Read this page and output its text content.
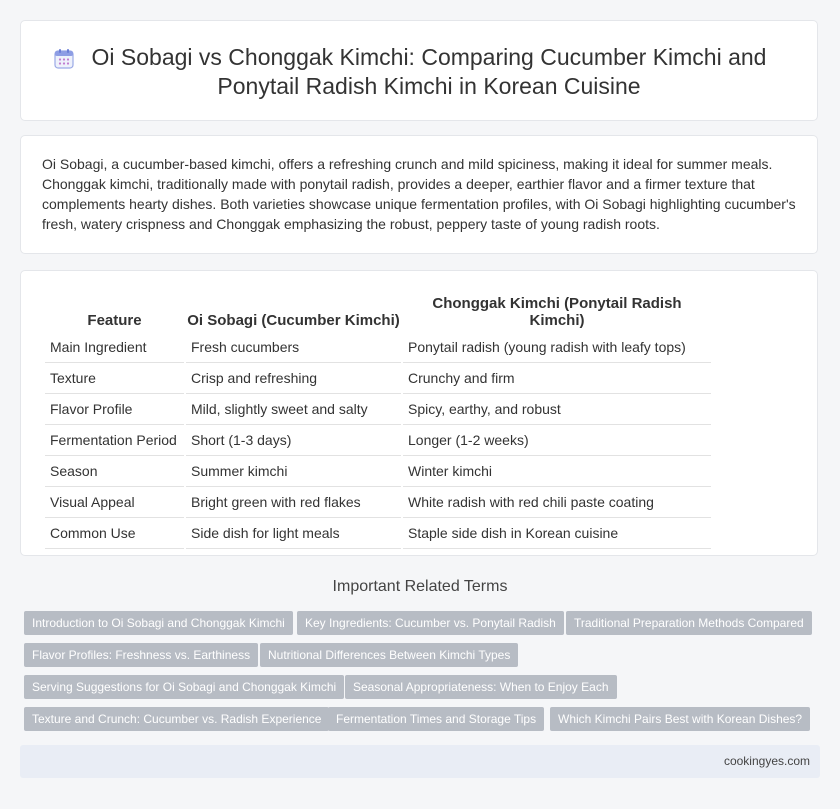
Oi Sobagi vs Chonggak Kimchi: Comparing Cucumber Kimchi and Ponytail Radish Kimchi in Korean Cuisine

Oi Sobagi, a cucumber-based kimchi, offers a refreshing crunch and mild spiciness, making it ideal for summer meals. Chonggak kimchi, traditionally made with ponytail radish, provides a deeper, earthier flavor and a firmer texture that complements hearty dishes. Both varieties showcase unique fermentation profiles, with Oi Sobagi highlighting cucumber's fresh, watery crispness and Chonggak emphasizing the robust, peppery taste of young radish roots.

Feature	Oi Sobagi (Cucumber Kimchi)	Chonggak Kimchi (Ponytail Radish Kimchi)
Main Ingredient	Fresh cucumbers	Ponytail radish (young radish with leafy tops)
Texture	Crisp and refreshing	Crunchy and firm
Flavor Profile	Mild, slightly sweet and salty	Spicy, earthy, and robust
Fermentation Period	Short (1-3 days)	Longer (1-2 weeks)
Season	Summer kimchi	Winter kimchi
Visual Appeal	Bright green with red flakes	White radish with red chili paste coating
Common Use	Side dish for light meals	Staple side dish in Korean cuisine
Important Related Terms
Introduction to Oi Sobagi and Chonggak Kimchi	Key Ingredients: Cucumber vs. Ponytail Radish	Traditional Preparation Methods Compared
Flavor Profiles: Freshness vs. Earthiness	Nutritional Differences Between Kimchi Types
Serving Suggestions for Oi Sobagi and Chonggak Kimchi	Seasonal Appropriateness: When to Enjoy Each
Texture and Crunch: Cucumber vs. Radish Experience	Fermentation Times and Storage Tips	Which Kimchi Pairs Best with Korean Dishes?
cookingyes.com
